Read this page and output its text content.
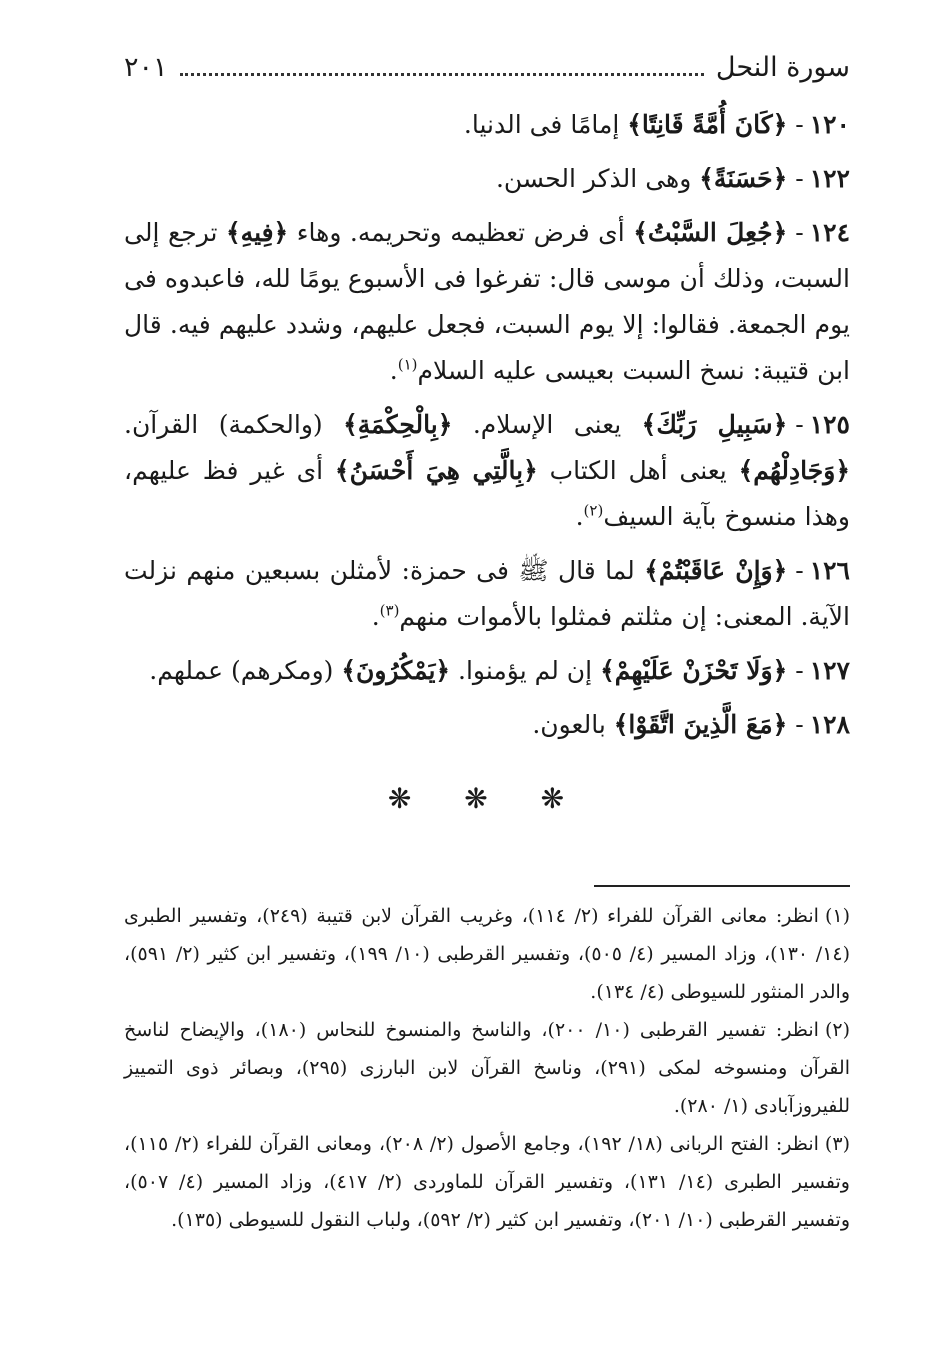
سورة النحل
٢٠١

١٢٠-﴿كَانَ أُمَّةً قَانِتًا﴾ إمامًا فى الدنيا.

١٢٢-﴿حَسَنَةً﴾ وهى الذكر الحسن.

١٢٤-﴿جُعِلَ السَّبْتُ﴾ أى فرض تعظيمه وتحريمه. وهاء ﴿فِيهِ﴾ ترجع إلى السبت، وذلك أن موسى قال: تفرغوا فى الأسبوع يومًا لله، فاعبدوه فى يوم الجمعة. فقالوا: إلا يوم السبت، فجعل عليهم، وشدد عليهم فيه. قال ابن قتيبة: نسخ السبت بعيسى عليه السلام$^{(١)}$.

١٢٥-﴿سَبِيلِ رَبِّكَ﴾ يعنى الإسلام. ﴿بِالْحِكْمَةِ﴾ (والحكمة) القرآن. ﴿وَجَادِلْهُم﴾ يعنى أهل الكتاب ﴿بِالَّتِي هِيَ أَحْسَنُ﴾ أى غير فظ عليهم، وهذا منسوخ بآية السيف$^{(٢)}$.

١٢٦-﴿وَإِنْ عَاقَبْتُمْ﴾ لما قال ﷺ فى حمزة: لأمثلن بسبعين منهم نزلت الآية. المعنى: إن مثلتم فمثلوا بالأموات منهم$^{(٣)}$.

١٢٧-﴿وَلَا تَحْزَنْ عَلَيْهِمْ﴾ إن لم يؤمنوا. ﴿يَمْكُرُونَ﴾ (ومكرهم) عملهم.

١٢٨-﴿مَعَ الَّذِينَ اتَّقَوْا﴾ بالعون.

❋ ❋ ❋

(١)انظر: معانى القرآن للفراء (٢/ ١١٤)، وغريب القرآن لابن قتيبة (٢٤٩)، وتفسير الطبرى (١٤/ ١٣٠)، وزاد المسير (٤/ ٥٠٥)، وتفسير القرطبى (١٠/ ١٩٩)، وتفسير ابن كثير (٢/ ٥٩١)، والدر المنثور للسيوطى (٤/ ١٣٤).

(٢)انظر: تفسير القرطبى (١٠/ ٢٠٠)، والناسخ والمنسوخ للنحاس (١٨٠)، والإيضاح لناسخ القرآن ومنسوخه لمكى (٢٩١)، وناسخ القرآن لابن البارزى (٢٩٥)، وبصائر ذوى التمييز للفيروزآبادى (١/ ٢٨٠).

(٣)انظر: الفتح الربانى (١٨/ ١٩٢)، وجامع الأصول (٢/ ٢٠٨)، ومعانى القرآن للفراء (٢/ ١١٥)، وتفسير الطبرى (١٤/ ١٣١)، وتفسير القرآن للماوردى (٢/ ٤١٧)، وزاد المسير (٤/ ٥٠٧)، وتفسير القرطبى (١٠/ ٢٠١)، وتفسير ابن كثير (٢/ ٥٩٢)، ولباب النقول للسيوطى (١٣٥).
